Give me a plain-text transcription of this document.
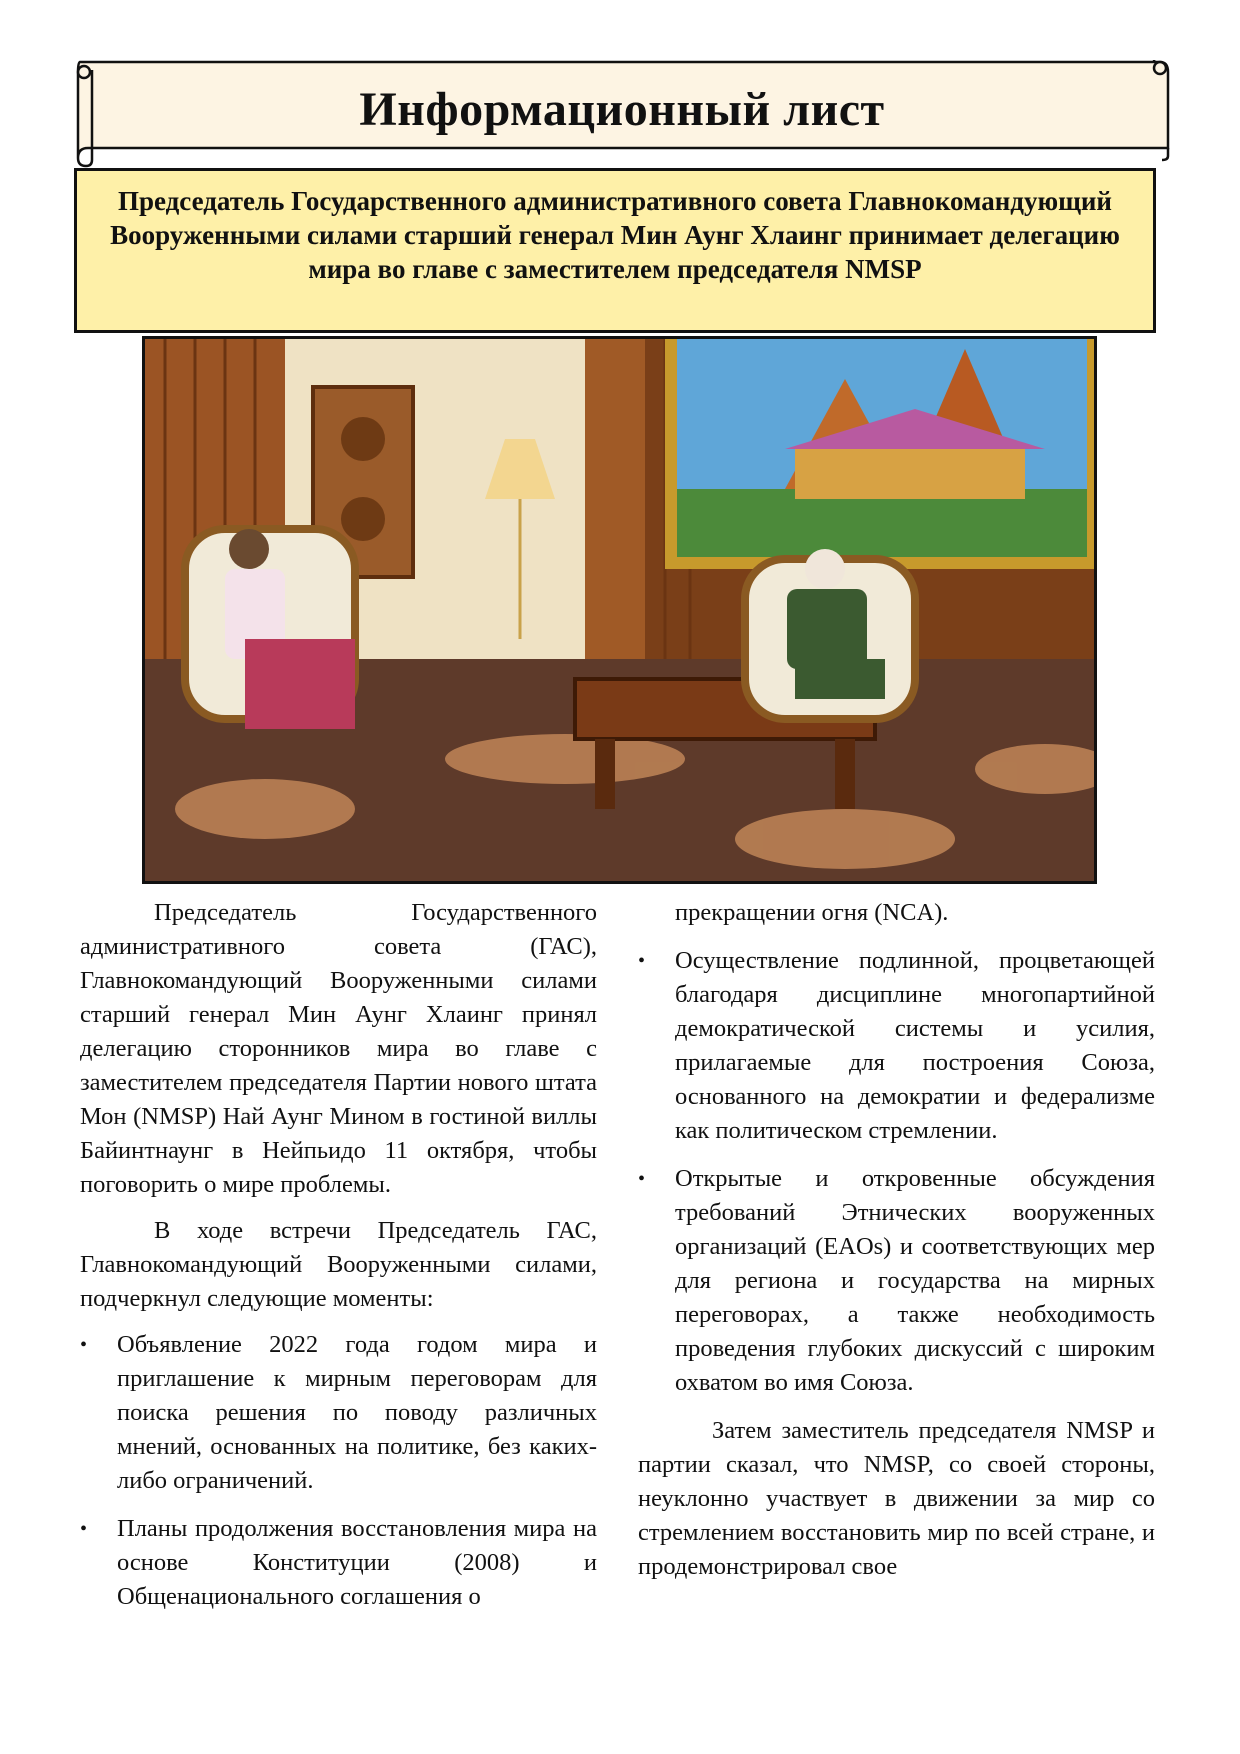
Информационный лист
Председатель Государственного административного совета Главнокомандующий Вооруженными силами старший генерал Мин Аунг Хлаинг принимает делегацию мира во главе с заместителем председателя NMSP

Председатель Государственного административного совета (ГАС), Главнокомандующий Вооруженными силами старший генерал Мин Аунг Хлаинг принял делегацию сторонников мира во главе с заместителем председателя Партии нового штата Мон (NMSP) Най Аунг Мином в гостиной виллы Байинтнаунг в Нейпьидо 11 октября, чтобы поговорить о мире проблемы.

В ходе встречи Председатель ГАС, Главнокомандующий Вооруженными силами, подчеркнул следующие моменты:

• Объявление 2022 года годом мира и приглашение к мирным переговорам для поиска решения по поводу различных мнений, основанных на политике, без каких-либо ограничений.
• Планы продолжения восстановления мира на основе Конституции (2008) и Общенационального соглашения о

прекращении огня (NCA).

• Осуществление подлинной, процветающей благодаря дисциплине многопартийной демократической системы и усилия, прилагаемые для построения Союза, основанного на демократии и федерализме как политическом стремлении.
• Открытые и откровенные обсуждения требований Этнических вооруженных организаций (EAOs) и соответствующих мер для региона и государства на мирных переговорах, а также необходимость проведения глубоких дискуссий с широким охватом во имя Союза.

Затем заместитель председателя NMSP и партии сказал, что NMSP, со своей стороны, неуклонно участвует в движении за мир со стремлением восстановить мир по всей стране, и продемонстрировал свое
